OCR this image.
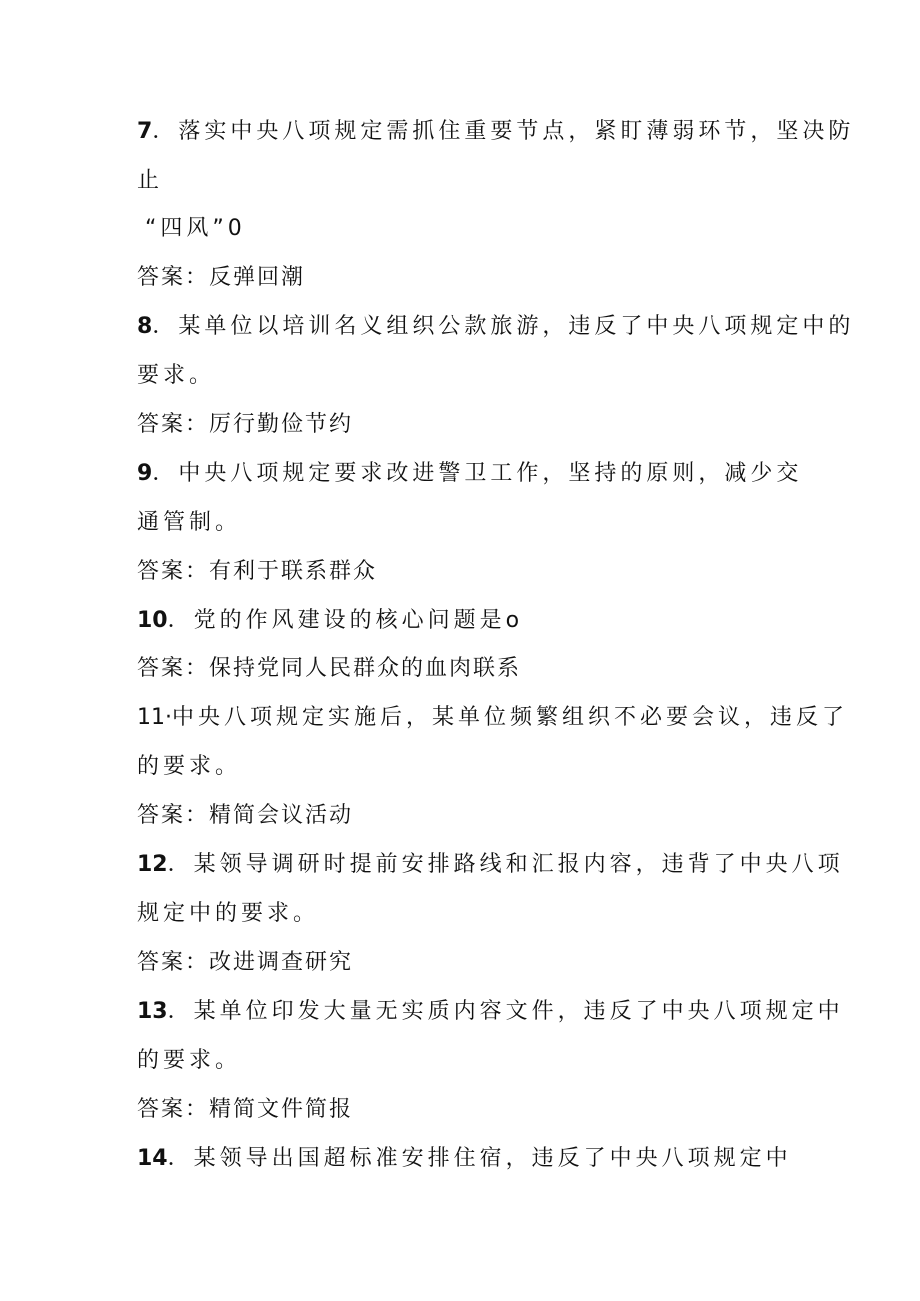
7．落实中央八项规定需抓住重要节点，紧盯薄弱环节，坚决防
止
“四风”0
答案：反弹回潮
8．某单位以培训名义组织公款旅游，违反了中央八项规定中的
要求。
答案：厉行勤俭节约
9．中央八项规定要求改进警卫工作，坚持的原则，减少交
通管制。
答案：有利于联系群众
10．党的作风建设的核心问题是o
答案：保持党同人民群众的血肉联系
11·中央八项规定实施后，某单位频繁组织不必要会议，违反了
的要求。
答案：精简会议活动
12．某领导调研时提前安排路线和汇报内容，违背了中央八项
规定中的要求。
答案：改进调查研究
13．某单位印发大量无实质内容文件，违反了中央八项规定中
的要求。
答案：精简文件简报
14．某领导出国超标准安排住宿，违反了中央八项规定中
